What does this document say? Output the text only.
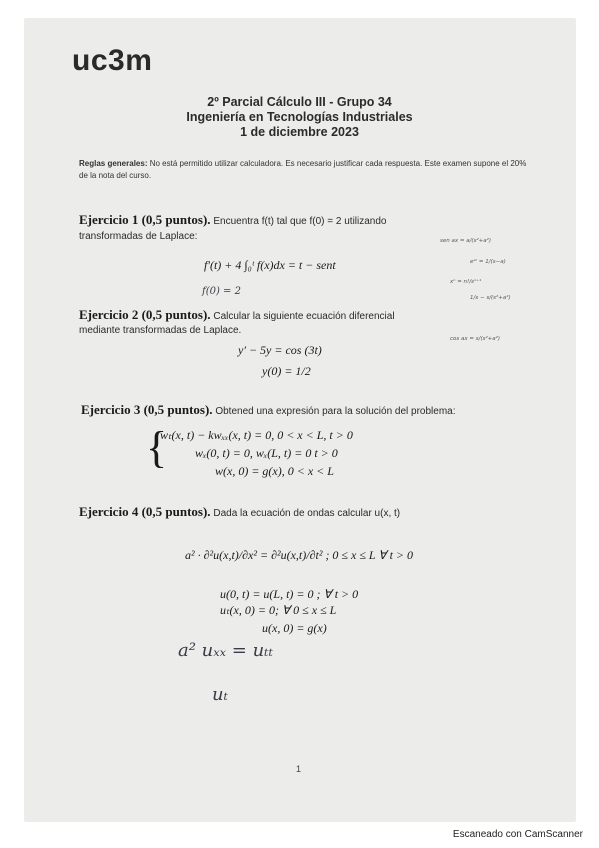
uc3m
2º Parcial Cálculo III - Grupo 34
Ingeniería en Tecnologías Industriales
1 de diciembre 2023
Reglas generales: No está permitido utilizar calculadora. Es necesario justificar cada respuesta. Este examen supone el 20% de la nota del curso.
Ejercicio 1 (0,5 puntos). Encuentra f(t) tal que f(0) = 2 utilizando
transformadas de Laplace:
f′(t) + 4 ∫₀ᵗ f(x)dx = t − sent
f(0) = 2
sen ax = a/(s²+a²)
eᵃᵗ = 1/(s−a)
xⁿ = n!/sⁿ⁺¹
1/s − s/(s²+a²)
cos ax = s/(s²+a²)
Ejercicio 2 (0,5 puntos). Calcular la siguiente ecuación diferencial
mediante transformadas de Laplace.
y′ − 5y = cos (3t)
y(0) = 1/2
Ejercicio 3 (0,5 puntos). Obtened una expresión para la solución del problema:
{
wₜ(x, t) − kwₓₓ(x, t) = 0, 0 < x < L, t > 0
wₓ(0, t) = 0, wₓ(L, t) = 0 t > 0
w(x, 0) = g(x), 0 < x < L
Ejercicio 4 (0,5 puntos). Dada la ecuación de ondas calcular u(x, t)
a² · ∂²u(x,t)/∂x² = ∂²u(x,t)/∂t² ; 0 ≤ x ≤ L ∀ t > 0
u(0, t) = u(L, t) = 0 ; ∀ t > 0
uₜ(x, 0) = 0; ∀ 0 ≤ x ≤ L
u(x, 0) = g(x)
a² uₓₓ = uₜₜ
uₜ
1
Escaneado con CamScanner
